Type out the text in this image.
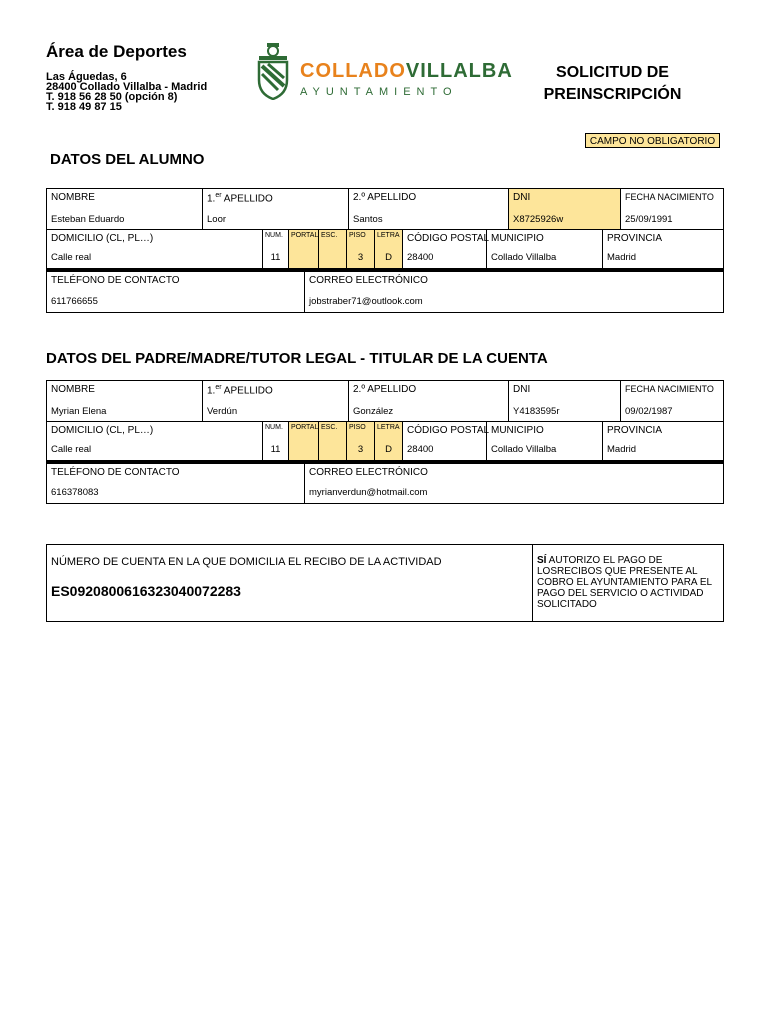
Área de Deportes
Las Águedas, 6
28400 Collado Villalba - Madrid
T. 918 56 28 50 (opción 8)
T. 918 49 87 15
COLLADOVILLALBA
AYUNTAMIENTO
SOLICITUD DE
PREINSCRIPCIÓN
CAMPO NO OBLIGATORIO
DATOS DEL ALUMNO
NOMBRE
Esteban Eduardo
1.$^{er}$ APELLIDO
Loor
2.º APELLIDO
Santos
DNI
X8725926w
FECHA NACIMIENTO
25/09/1991
DOMICILIO (CL, PL…)
Calle real
NUM.
11
PORTAL ESC. PISO
3
LETRA
D
CÓDIGO POSTAL
28400
MUNICIPIO
Collado Villalba
PROVINCIA
Madrid
TELÉFONO DE CONTACTO
611766655
CORREO ELECTRÓNICO
jobstraber71@outlook.com
DATOS DEL PADRE/MADRE/TUTOR LEGAL - TITULAR DE LA CUENTA
NOMBRE
Myrian Elena
1.$^{er}$ APELLIDO
Verdún
2.º APELLIDO
González
DNI
Y4183595r
FECHA NACIMIENTO
09/02/1987
DOMICILIO (CL, PL…)
Calle real
NUM.
11
PORTAL ESC. PISO
3
LETRA
D
CÓDIGO POSTAL
28400
MUNICIPIO
Collado Villalba
PROVINCIA
Madrid
TELÉFONO DE CONTACTO
616378083
CORREO ELECTRÓNICO
myrianverdun@hotmail.com
NÚMERO DE CUENTA EN LA QUE DOMICILIA EL RECIBO DE LA ACTIVIDAD
ES0920800616323040072283
SÍ AUTORIZO EL PAGO DE LOSRECIBOS QUE PRESENTE AL COBRO EL AYUNTAMIENTO PARA EL PAGO DEL SERVICIO O ACTIVIDAD SOLICITADO
